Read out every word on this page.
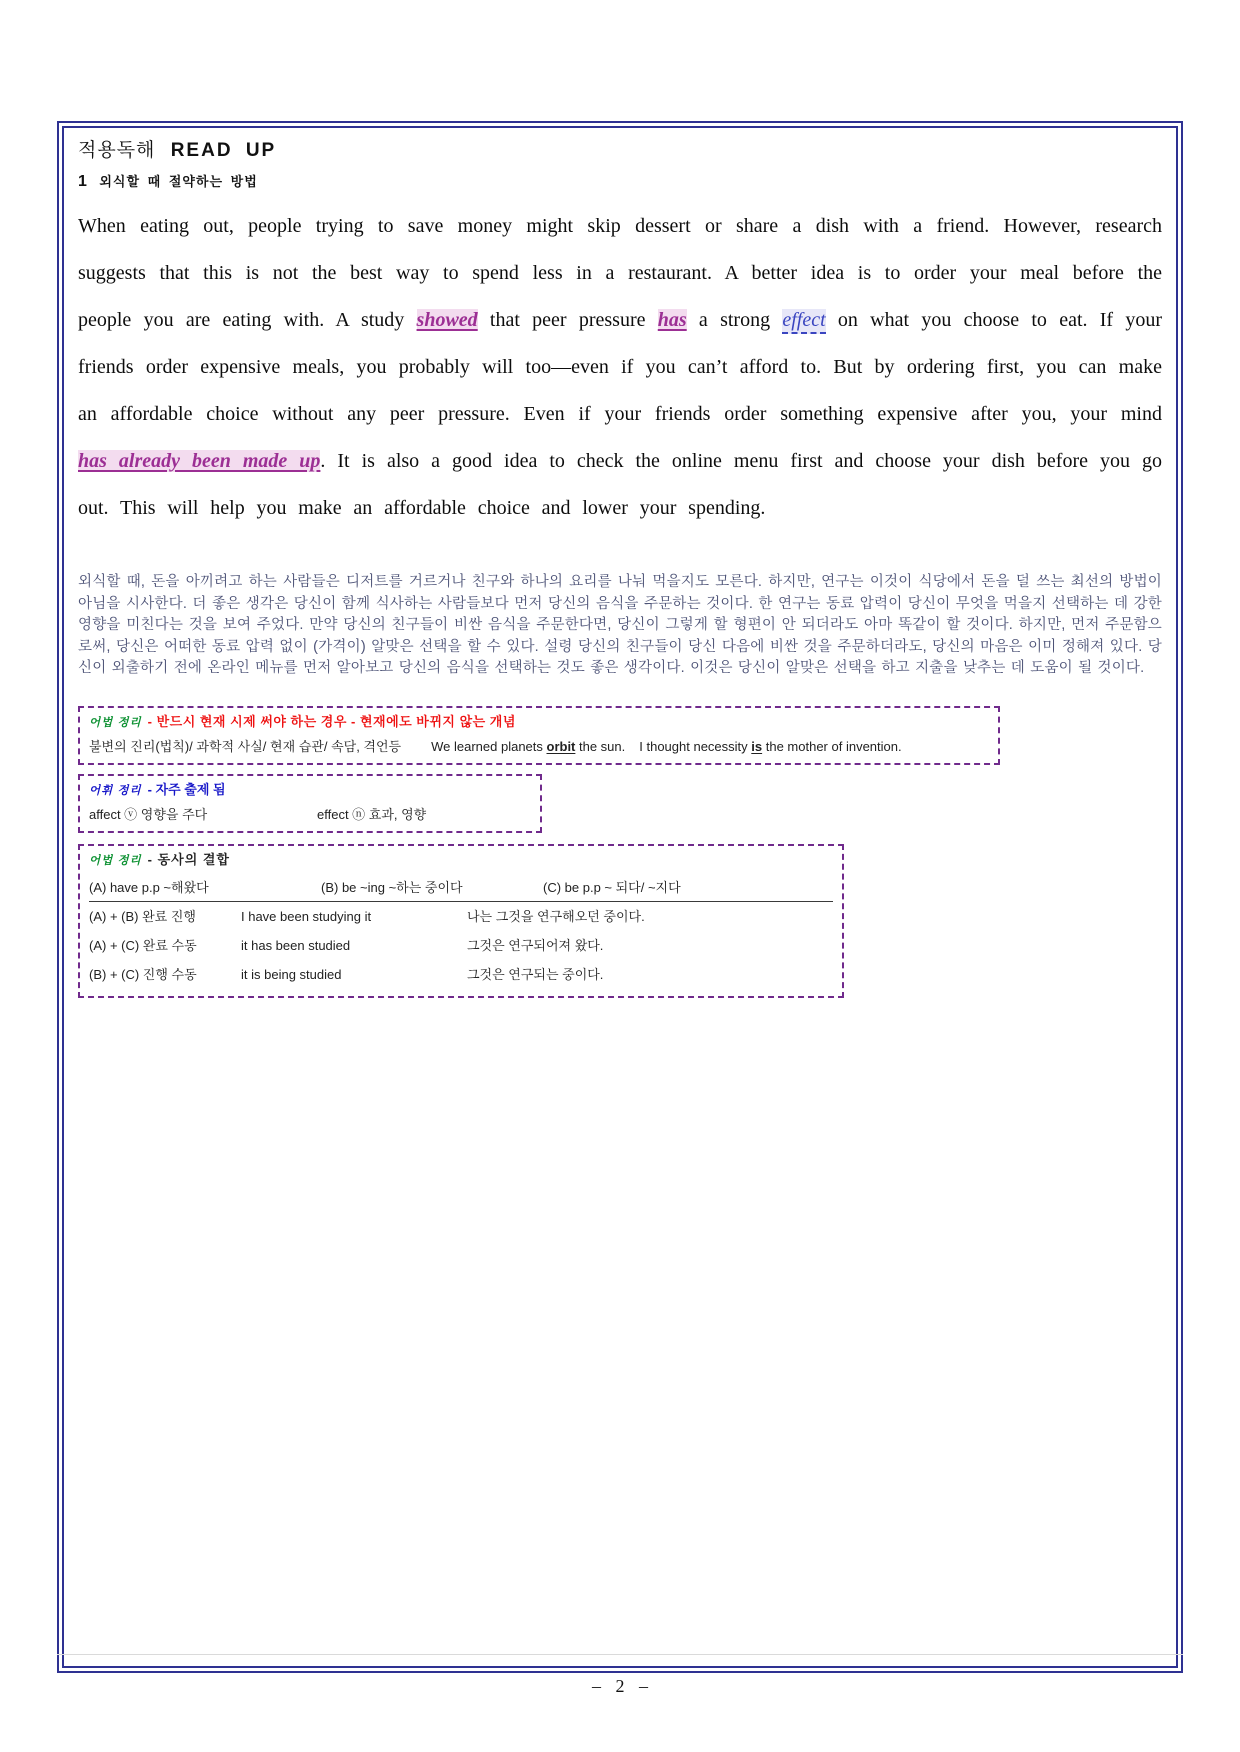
적용독해 READ UP
1 외식할 때 절약하는 방법

When eating out, people trying to save money might skip dessert or share a dish with a friend. However, research suggests that this is not the best way to spend less in a restaurant. A better idea is to order your meal before the people you are eating with. A study showed that peer pressure has a strong effect on what you choose to eat. If your friends order expensive meals, you probably will too—even if you can’t afford to. But by ordering first, you can make an affordable choice without any peer pressure. Even if your friends order something expensive after you, your mind has already been made up. It is also a good idea to check the online menu first and choose your dish before you go out. This will help you make an affordable choice and lower your spending.

외식할 때, 돈을 아끼려고 하는 사람들은 디저트를 거르거나 친구와 하나의 요리를 나눠 먹을지도 모른다. 하지만, 연구는 이것이 식당에서 돈을 덜 쓰는 최선의 방법이 아님을 시사한다. 더 좋은 생각은 당신이 함께 식사하는 사람들보다 먼저 당신의 음식을 주문하는 것이다. 한 연구는 동료 압력이 당신이 무엇을 먹을지 선택하는 데 강한 영향을 미친다는 것을 보여 주었다. 만약 당신의 친구들이 비싼 음식을 주문한다면, 당신이 그렇게 할 형편이 안 되더라도 아마 똑같이 할 것이다. 하지만, 먼저 주문함으로써, 당신은 어떠한 동료 압력 없이 (가격이) 알맞은 선택을 할 수 있다. 설령 당신의 친구들이 당신 다음에 비싼 것을 주문하더라도, 당신의 마음은 이미 정해져 있다. 당신이 외출하기 전에 온라인 메뉴를 먼저 알아보고 당신의 음식을 선택하는 것도 좋은 생각이다. 이것은 당신이 알맞은 선택을 하고 지출을 낮추는 데 도움이 될 것이다.

어법 정리 - 반드시 현재 시제 써야 하는 경우 - 현재에도 바뀌지 않는 개념
불변의 진리(법칙)/ 과학적 사실/ 현재 습관/ 속담, 격언등 We learned planets orbit the sun. I thought necessity is the mother of invention.
어휘 정리 - 자주 출제 됨
affect ⓥ 영향을 주다	effect ⓝ 효과, 영향
어법 정리 - 동사의 결합
(A) have p.p ~해왔다	(B) be ~ing ~하는 중이다	(C) be p.p ~ 되다/ ~지다
(A) + (B) 완료 진행	I have been studying it	나는 그것을 연구해오던 중이다.
(A) + (C) 완료 수동	it has been studied	그것은 연구되어져 왔다.
(B) + (C) 진행 수동	it is being studied	그것은 연구되는 중이다.
– 2 –
